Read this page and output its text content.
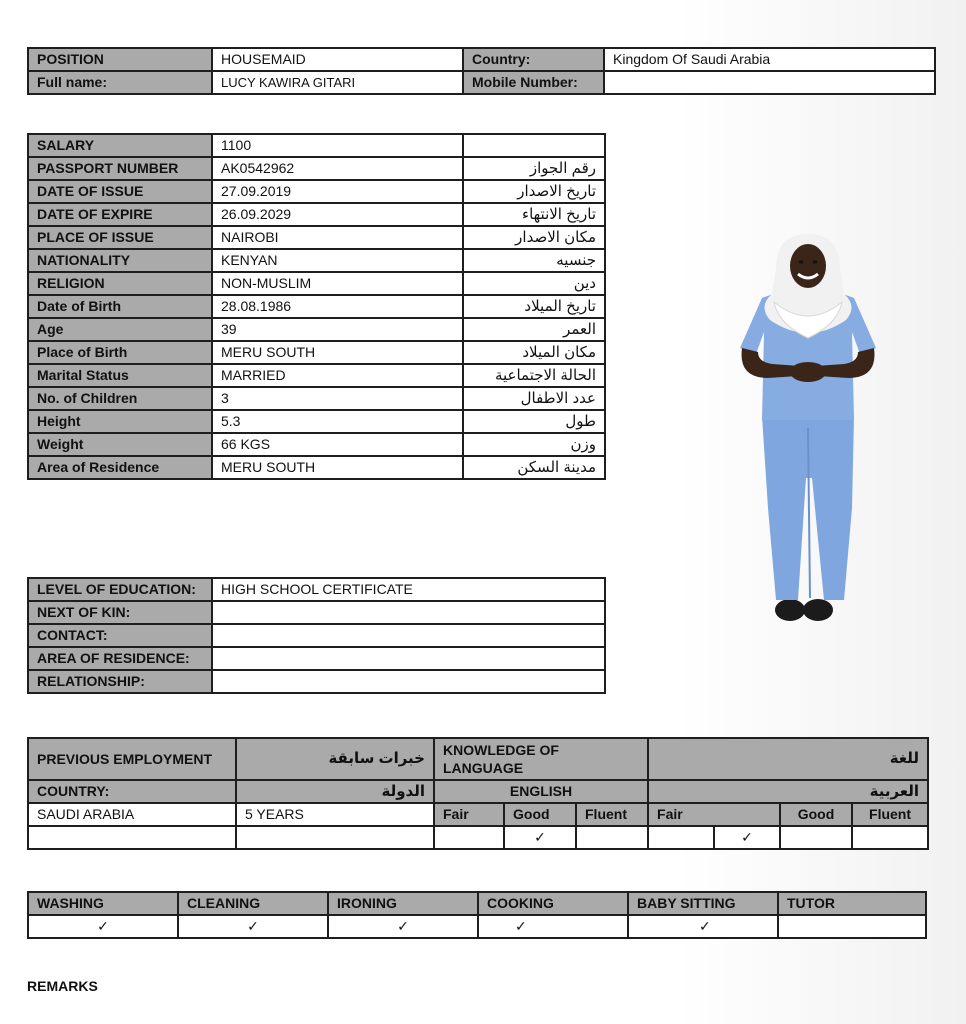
POSITION	HOUSEMAID	Country:	Kingdom Of Saudi Arabia
Full name:	LUCY KAWIRA GITARI	Mobile Number:	
SALARY	1100	
PASSPORT NUMBER	AK0542962	رقم الجواز
DATE OF ISSUE	27.09.2019	تاريخ الاصدار
DATE OF EXPIRE	26.09.2029	تاريخ الانتهاء
PLACE OF ISSUE	NAIROBI	مكان الاصدار
NATIONALITY	KENYAN	جنسيه
RELIGION	NON-MUSLIM	دين
Date of Birth	28.08.1986	تاريخ الميلاد
Age	39	العمر
Place of Birth	MERU SOUTH	مكان الميلاد
Marital Status	MARRIED	الحالة الاجتماعية
No. of Children	3	عدد الاطفال
Height	5.3	طول
Weight	66 KGS	وزن
Area of Residence	MERU SOUTH	مدينة السكن
LEVEL OF EDUCATION:	HIGH SCHOOL CERTIFICATE
NEXT OF KIN:	
CONTACT:	
AREA OF RESIDENCE:	
RELATIONSHIP:	
PREVIOUS EMPLOYMENT	خبرات سابقة	KNOWLEDGE OF LANGUAGE			للغة			
COUNTRY:	الدولة	ENGLISH			العربية			
SAUDI ARABIA	5 YEARS	Fair	Good	Fluent	Fair		Good	Fluent
			✓			✓		
WASHING	CLEANING	IRONING	COOKING	BABY SITTING	TUTOR
✓	✓	✓	✓	✓	
REMARKS
